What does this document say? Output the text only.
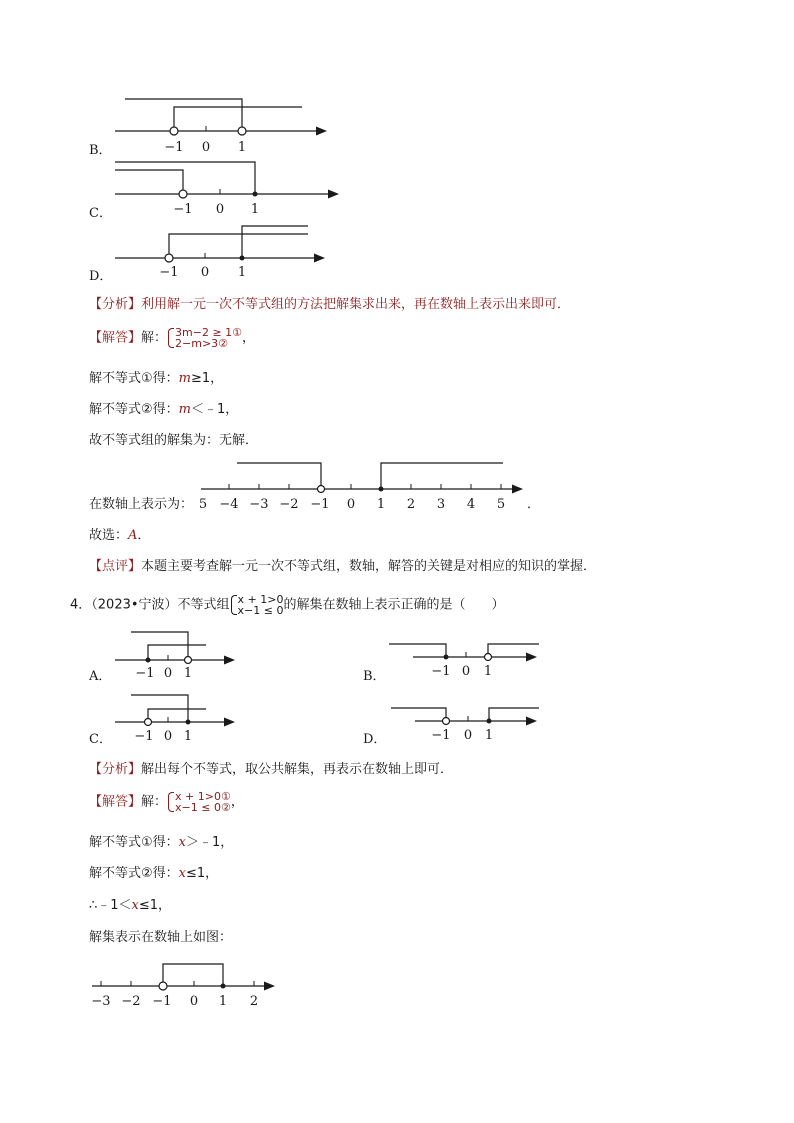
−1 0 1
B．
−1 0 1
C．
−1 0 1
D．
【分析】利用解一元一次不等式组的方法把解集求出来，再在数轴上表示出来即可．
【解答】解： 3m−2 ≥ 1①
2−m>3②	，
解不等式①得：m≥1，
解不等式②得：m＜﹣1，
故不等式组的解集为：无解．
5 −4 −3 −2 −1 0 1 2 3 4 5 ．
在数轴上表示为：
故选：A．
【点评】本题主要考查解一元一次不等式组，数轴，解答的关键是对相应的知识的掌握．
4．（2023•宁波）不等式组 x + 1>0
x−1 ≤ 0 的解集在数轴上表示正确的是（　　）
−1 0 1
A．	−1 0 1
B．
−1 0 1
C．	−1 0 1
D．
【分析】解出每个不等式，取公共解集，再表示在数轴上即可．
【解答】解： x + 1>0①
x−1 ≤ 0② ，
解不等式①得：x＞﹣1，
解不等式②得：x≤1，
∴﹣1＜x≤1，
解集表示在数轴上如图：
−3 −2 −1 0 1 2
